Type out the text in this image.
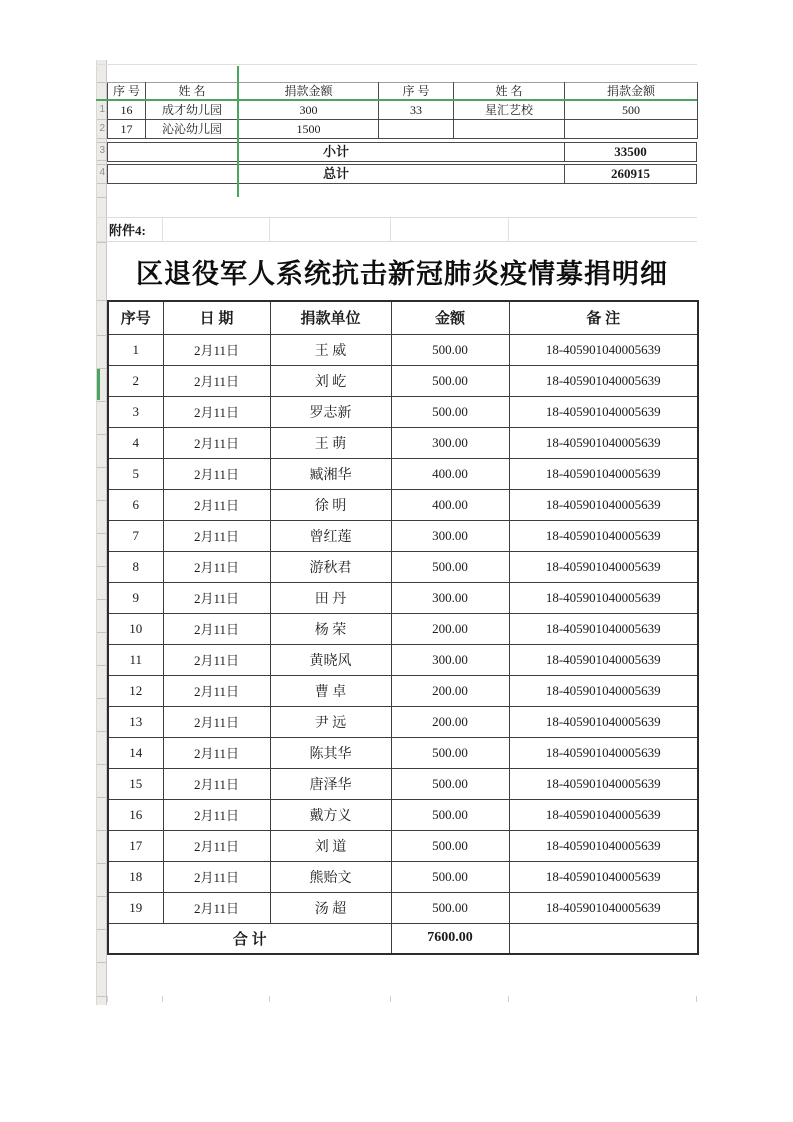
1
2
3
4
序 号	姓 名	捐款金额	序 号	姓 名	捐款金额
16	成才幼儿园	300	33	星汇艺校	500
17	沁沁幼儿园	1500			
小计	33500
总计	260915
附件4:
区退役军人系统抗击新冠肺炎疫情募捐明细
序号	日 期	捐款单位	金额	备 注
1	2月11日	王 威	500.00	18-405901040005639
2	2月11日	刘 屹	500.00	18-405901040005639
3	2月11日	罗志新	500.00	18-405901040005639
4	2月11日	王 萌	300.00	18-405901040005639
5	2月11日	臧湘华	400.00	18-405901040005639
6	2月11日	徐 明	400.00	18-405901040005639
7	2月11日	曾红莲	300.00	18-405901040005639
8	2月11日	游秋君	500.00	18-405901040005639
9	2月11日	田 丹	300.00	18-405901040005639
10	2月11日	杨 荣	200.00	18-405901040005639
11	2月11日	黄晓风	300.00	18-405901040005639
12	2月11日	曹 卓	200.00	18-405901040005639
13	2月11日	尹 远	200.00	18-405901040005639
14	2月11日	陈其华	500.00	18-405901040005639
15	2月11日	唐泽华	500.00	18-405901040005639
16	2月11日	戴方义	500.00	18-405901040005639
17	2月11日	刘 道	500.00	18-405901040005639
18	2月11日	熊贻文	500.00	18-405901040005639
19	2月11日	汤 超	500.00	18-405901040005639
合 计			7600.00	
